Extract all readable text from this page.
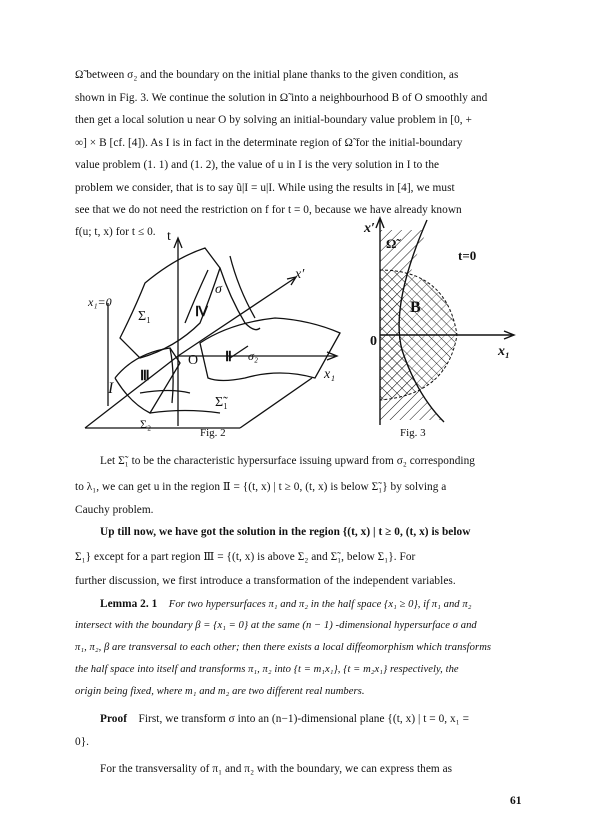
Ω̃ between σ₂ and the boundary on the initial plane thanks to the given condition, as
shown in Fig. 3. We continue the solution in Ω̃ into a neighbourhood B of O smoothly and
then get a local solution u near O by solving an initial-boundary value problem in [0, +
∞] × B [cf. [4]). As I is in fact in the determinate region of Ω̃ for the initial-boundary
value problem (1. 1) and (1. 2), the value of u in I is the very solution in I to the
problem we consider, that is to say ũ|I = u|I. While using the results in [4], we must
see that we do not need the restriction on f for t = 0, because we have already known
f(u; t, x) for t ≤ 0. t
x′
x₁
x₁=0
σ
Σ₁	Ⅳ
O Ⅱ σ₂
Ⅲ
I
Σ̃₁
Σ₂
Fig. 2
x′
Ω̃
t=0
B
0
x₁
Fig. 3
Let Σ̃₁ to be the characteristic hypersurface issuing upward from σ₂ corresponding
to λ₁, we can get u in the region Ⅱ = {(t, x) | t ≥ 0, (t, x) is below Σ̃₁} by solving a
Cauchy problem.
Up till now, we have got the solution in the region {(t, x) | t ≥ 0, (t, x) is below
Σ₁} except for a part region Ⅲ = {(t, x) is above Σ₂ and Σ̃₁, below Σ₁}. For
further discussion, we first introduce a transformation of the independent variables.
Lemma 2. 1 For two hypersurfaces π₁ and π₂ in the half space {x₁ ≥ 0}, if π₁ and π₂
intersect with the boundary β = {x₁ = 0} at the same (n − 1) -dimensional hypersurface σ and
π₁, π₂, β are transversal to each other; then there exists a local diffeomorphism which transforms
the half space into itself and transforms π₁, π₂ into {t = m₁x₁}, {t = m₂x₁} respectively, the
origin being fixed, where m₁ and m₂ are two different real numbers.
Proof First, we transform σ into an (n−1)-dimensional plane {(t, x) | t = 0, x₁ =
0}.
For the transversality of π₁ and π₂ with the boundary, we can express them as
61
